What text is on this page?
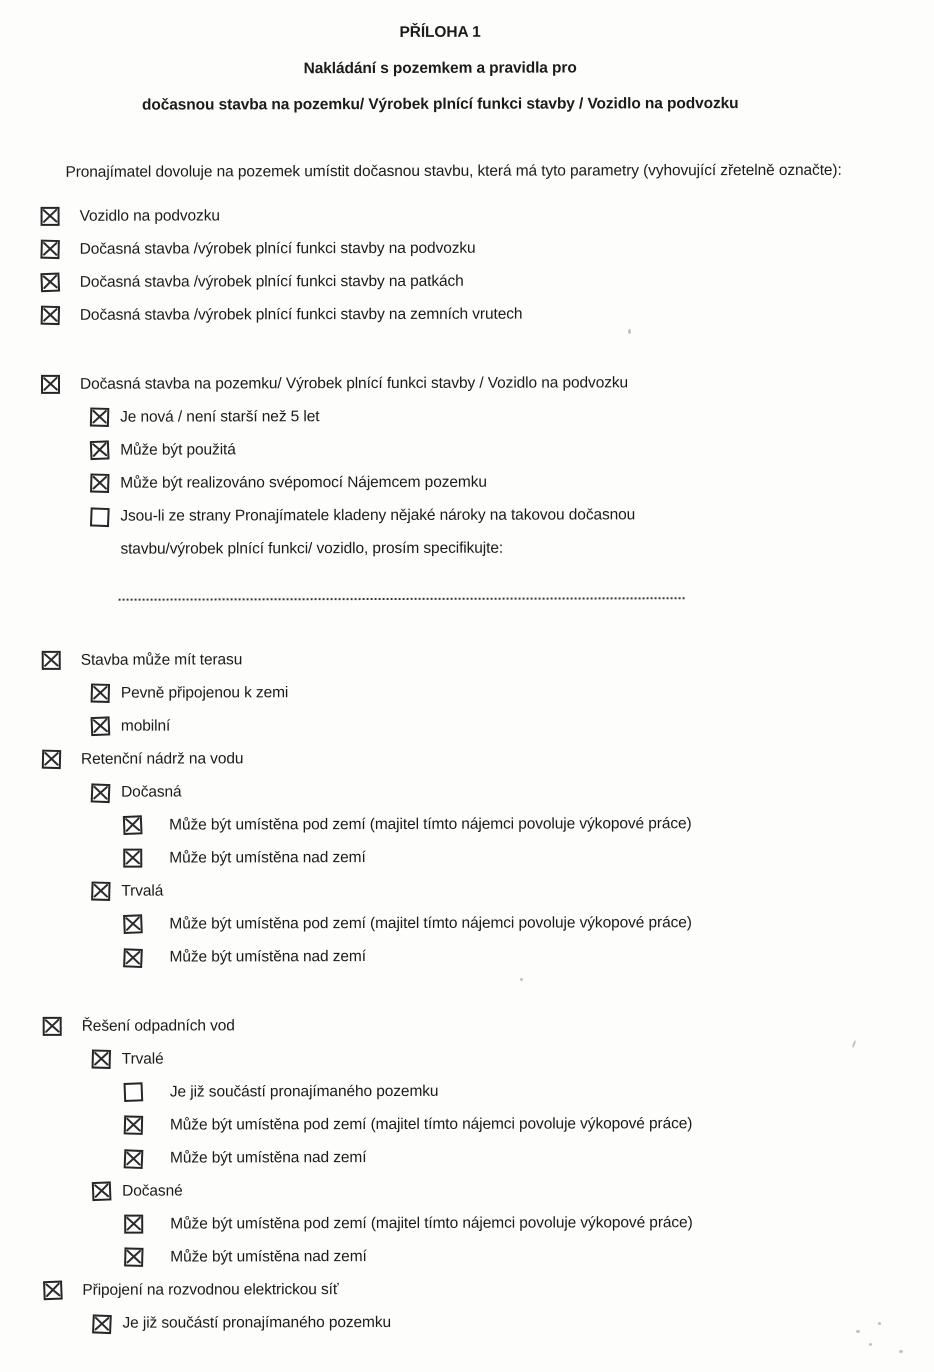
PŘÍLOHA 1
Nakládání s pozemkem a pravidla pro
dočasnou stavba na pozemku/ Výrobek plnící funkci stavby / Vozidlo na podvozku
Pronajímatel dovoluje na pozemek umístit dočasnou stavbu, která má tyto parametry (vyhovující zřetelně označte):
Vozidlo na podvozku
Dočasná stavba /výrobek plnící funkci stavby na podvozku
Dočasná stavba /výrobek plnící funkci stavby na patkách
Dočasná stavba /výrobek plnící funkci stavby na zemních vrutech
Dočasná stavba na pozemku/ Výrobek plnící funkci stavby / Vozidlo na podvozku
Je nová / není starší než 5 let
Může být použitá
Může být realizováno svépomocí Nájemcem pozemku
Jsou-li ze strany Pronajímatele kladeny nějaké nároky na takovou dočasnou
stavbu/výrobek plnící funkci/ vozidlo, prosím specifikujte:
Stavba může mít terasu
Pevně připojenou k zemi
mobilní
Retenční nádrž na vodu
Dočasná
Může být umístěna pod zemí (majitel tímto nájemci povoluje výkopové práce)
Může být umístěna nad zemí
Trvalá
Může být umístěna pod zemí (majitel tímto nájemci povoluje výkopové práce)
Může být umístěna nad zemí
Řešení odpadních vod
Trvalé
Je již součástí pronajímaného pozemku
Může být umístěna pod zemí (majitel tímto nájemci povoluje výkopové práce)
Může být umístěna nad zemí
Dočasné
Může být umístěna pod zemí (majitel tímto nájemci povoluje výkopové práce)
Může být umístěna nad zemí
Připojení na rozvodnou elektrickou síť
Je již součástí pronajímaného pozemku
